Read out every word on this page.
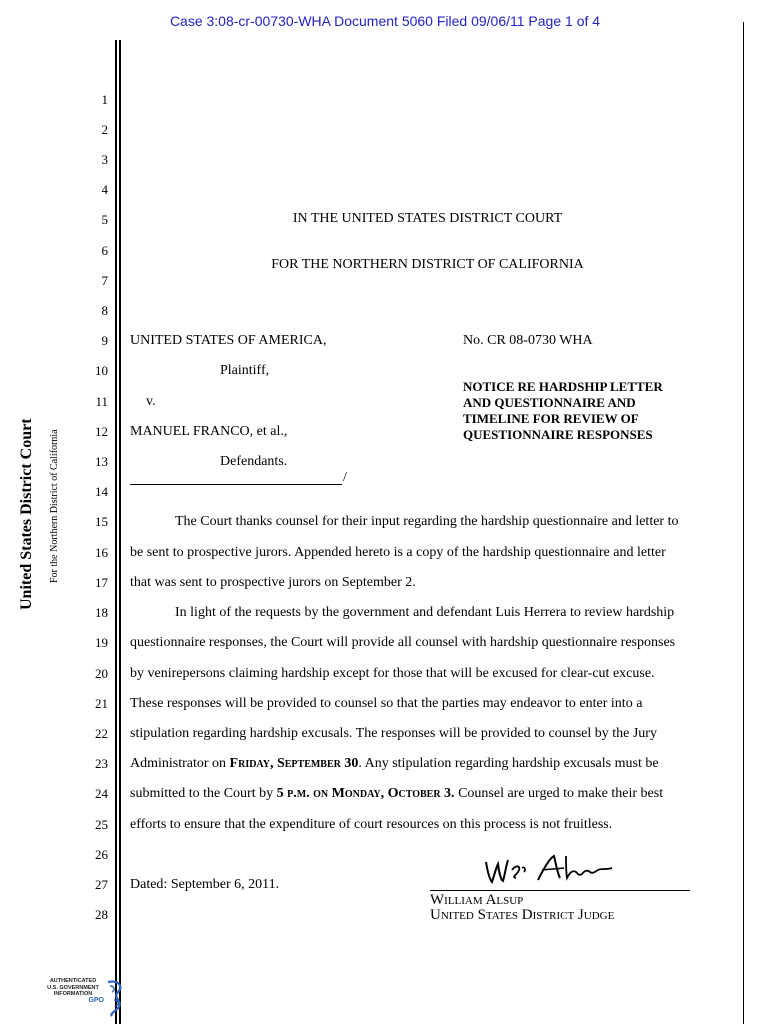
Case 3:08-cr-00730-WHA Document 5060 Filed 09/06/11 Page 1 of 4
United States District Court For the Northern District of California
1
2
3
4
5
6
7
8
9
10
11
12
13
14
15
16
17
18
19
20
21
22
23
24
25
26
27
28
IN THE UNITED STATES DISTRICT COURT
FOR THE NORTHERN DISTRICT OF CALIFORNIA
UNITED STATES OF AMERICA,
Plaintiff,
v.
MANUEL FRANCO, et al.,
Defendants.
/
No. CR 08-0730 WHA
NOTICE RE HARDSHIP LETTER
AND QUESTIONNAIRE AND
TIMELINE FOR REVIEW OF
QUESTIONNAIRE RESPONSES
The Court thanks counsel for their input regarding the hardship questionnaire and letter to
be sent to prospective jurors. Appended hereto is a copy of the hardship questionnaire and letter
that was sent to prospective jurors on September 2.
In light of the requests by the government and defendant Luis Herrera to review hardship
questionnaire responses, the Court will provide all counsel with hardship questionnaire responses
by venirepersons claiming hardship except for those that will be excused for clear-cut excuse.
These responses will be provided to counsel so that the parties may endeavor to enter into a
stipulation regarding hardship excusals. The responses will be provided to counsel by the Jury
Administrator on Friday, September 30. Any stipulation regarding hardship excusals must be
submitted to the Court by 5 p.m. on Monday, October 3. Counsel are urged to make their best
efforts to ensure that the expenditure of court resources on this process is not fruitless.
Dated: September 6, 2011.
William Alsup
United States District Judge
AUTHENTICATED
U.S. GOVERNMENT
INFORMATION
GPO
